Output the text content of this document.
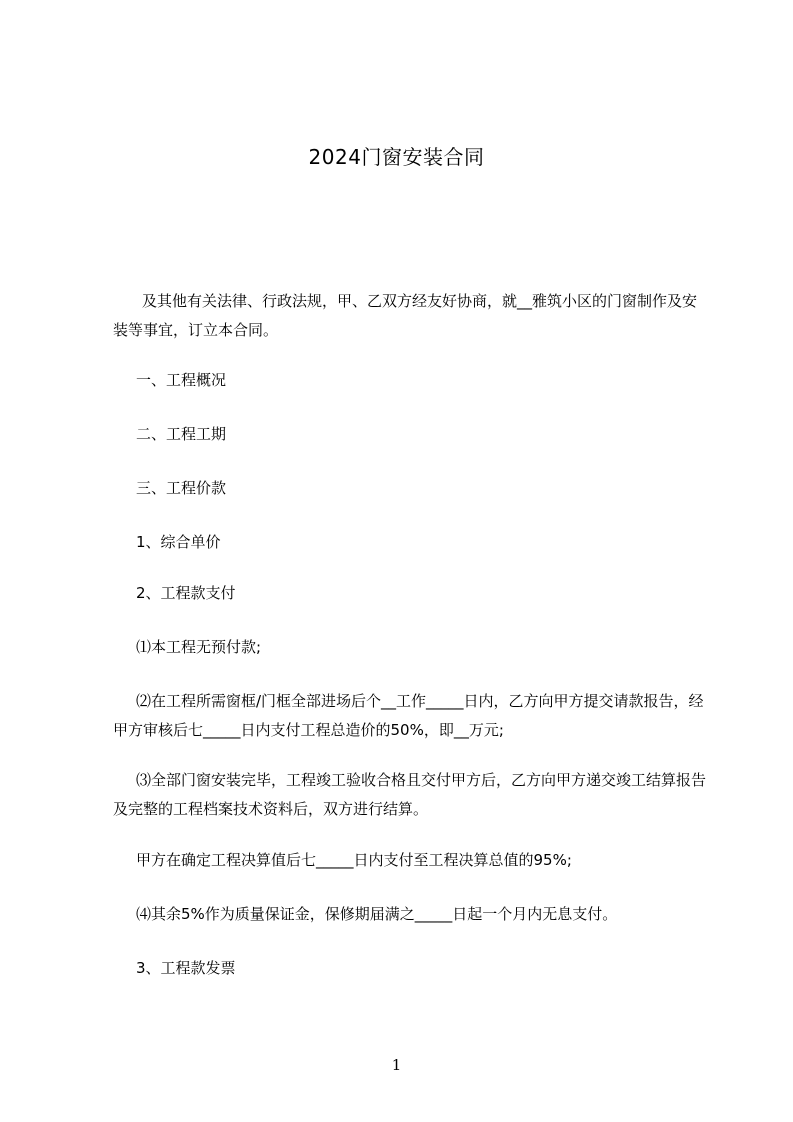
2024门窗安装合同

及其他有关法律、行政法规，甲、乙双方经友好协商，就__雅筑小区的门窗制作及安装等事宜，订立本合同。

一、工程概况

二、工程工期

三、工程价款

1、综合单价

2、工程款支付

⑴本工程无预付款;

⑵在工程所需窗框/门框全部进场后个__工作_____日内，乙方向甲方提交请款报告，经甲方审核后七_____日内支付工程总造价的50%，即__万元;

⑶全部门窗安装完毕，工程竣工验收合格且交付甲方后，乙方向甲方递交竣工结算报告及完整的工程档案技术资料后，双方进行结算。

甲方在确定工程决算值后七_____日内支付至工程决算总值的95%;

⑷其余5%作为质量保证金，保修期届满之_____日起一个月内无息支付。

3、工程款发票

1
